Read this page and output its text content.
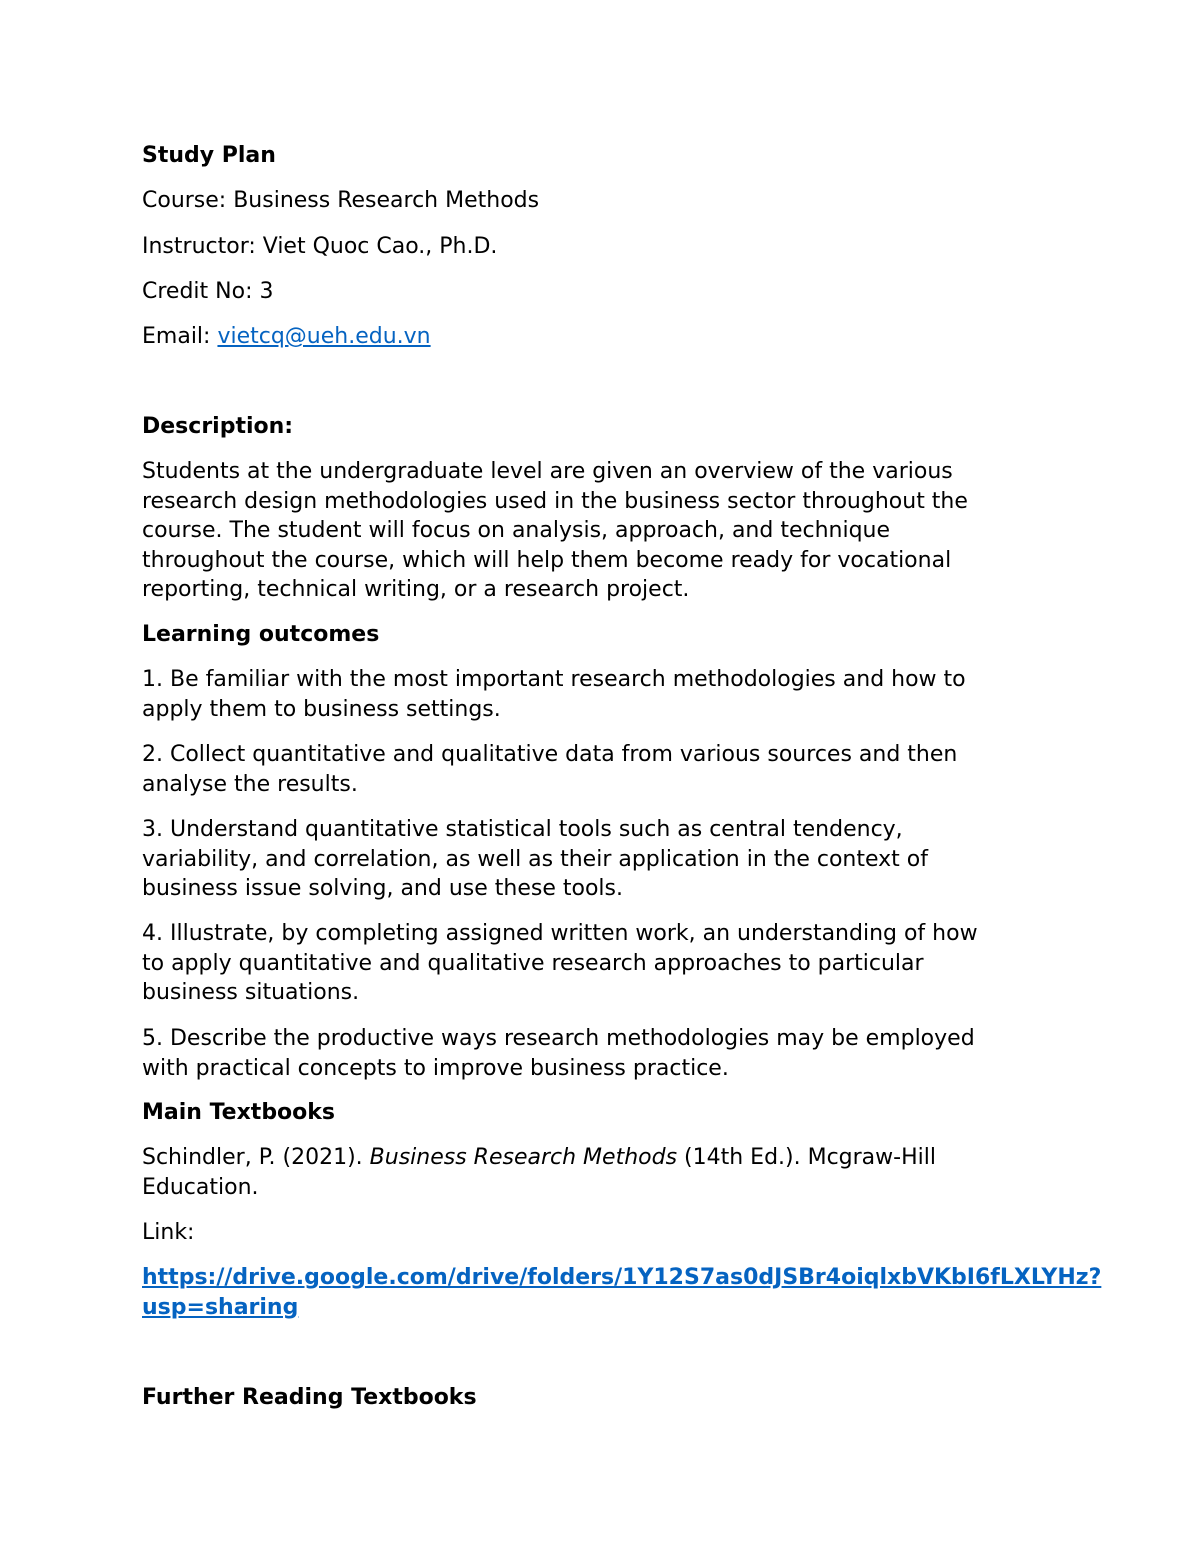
Study Plan
Course: Business Research Methods
Instructor: Viet Quoc Cao., Ph.D.
Credit No: 3
Email: vietcq@ueh.edu.vn
Description:
Students at the undergraduate level are given an overview of the various
research design methodologies used in the business sector throughout the
course. The student will focus on analysis, approach, and technique
throughout the course, which will help them become ready for vocational
reporting, technical writing, or a research project.
Learning outcomes
1. Be familiar with the most important research methodologies and how to
apply them to business settings.
2. Collect quantitative and qualitative data from various sources and then
analyse the results.
3. Understand quantitative statistical tools such as central tendency,
variability, and correlation, as well as their application in the context of
business issue solving, and use these tools.
4. Illustrate, by completing assigned written work, an understanding of how
to apply quantitative and qualitative research approaches to particular
business situations.
5. Describe the productive ways research methodologies may be employed
with practical concepts to improve business practice.
Main Textbooks
Schindler, P. (2021). Business Research Methods (14th Ed.). Mcgraw-Hill
Education.
Link:
https://drive.google.com/drive/folders/1Y12S7as0dJSBr4oiqlxbVKbI6fLXLYHz?
usp=sharing
Further Reading Textbooks
